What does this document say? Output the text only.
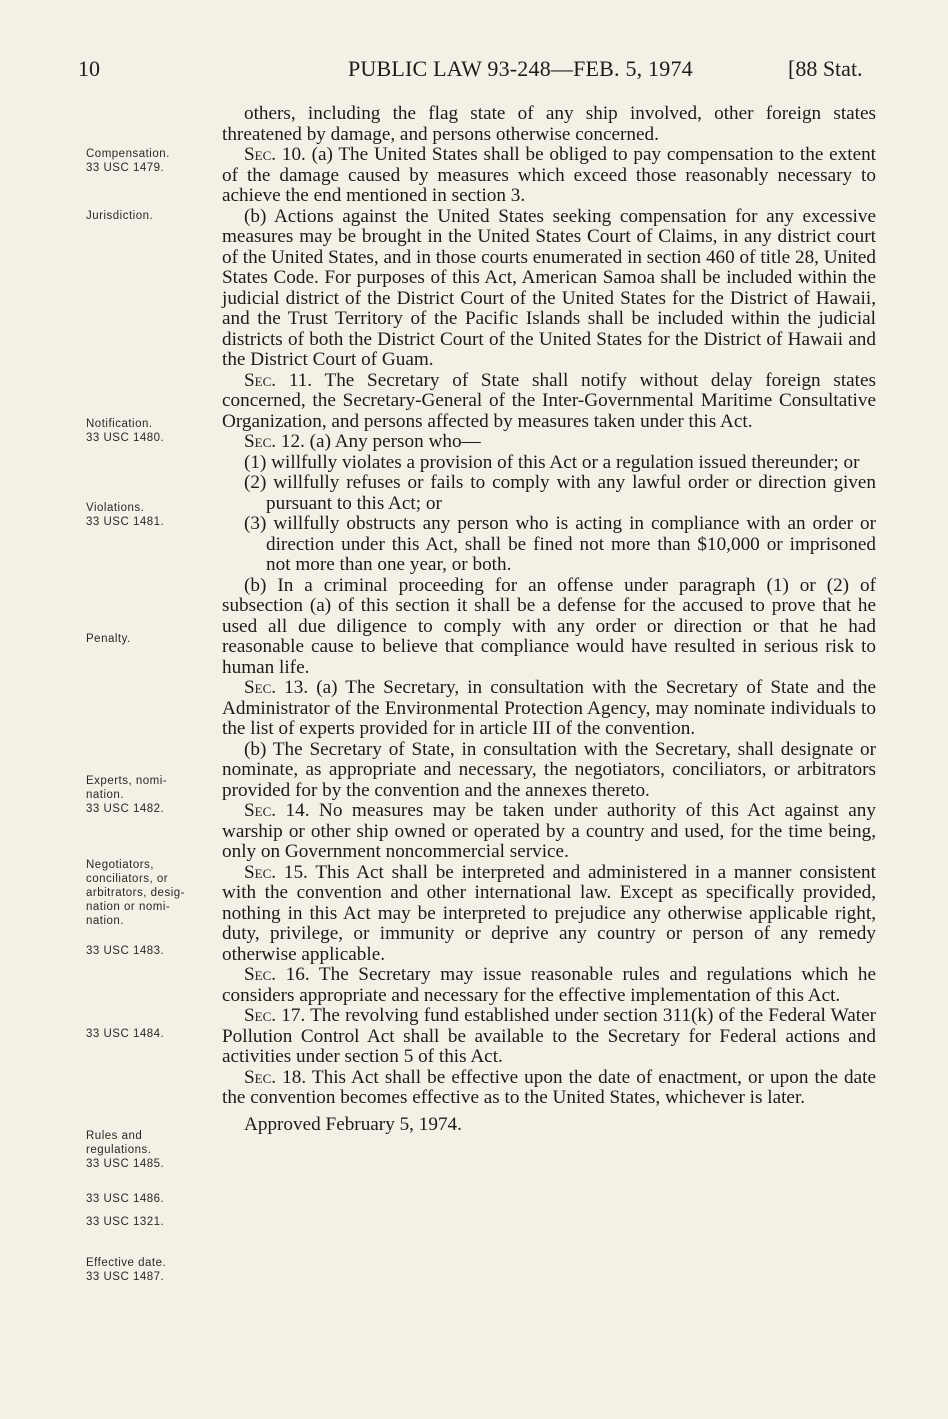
10	PUBLIC LAW 93-248—FEB. 5, 1974	[88 Stat.
Compensation.
33 USC 1479.
Jurisdiction.
Notification.
33 USC 1480.
Violations.
33 USC 1481.
Penalty.
Experts, nomi-
nation.
33 USC 1482.
Negotiators,
conciliators, or
arbitrators, desig-
nation or nomi-
nation.
33 USC 1483.
33 USC 1484.
Rules and
regulations.
33 USC 1485.
33 USC 1486.
33 USC 1321.
Effective date.
33 USC 1487.

others, including the flag state of any ship involved, other foreign states threatened by damage, and persons otherwise concerned.

Sec. 10. (a) The United States shall be obliged to pay compensation to the extent of the damage caused by measures which exceed those reasonably necessary to achieve the end mentioned in section 3.

(b) Actions against the United States seeking compensation for any excessive measures may be brought in the United States Court of Claims, in any district court of the United States, and in those courts enumerated in section 460 of title 28, United States Code. For purposes of this Act, American Samoa shall be included within the judicial district of the District Court of the United States for the District of Hawaii, and the Trust Territory of the Pacific Islands shall be included within the judicial districts of both the District Court of the United States for the District of Hawaii and the District Court of Guam.

Sec. 11. The Secretary of State shall notify without delay foreign states concerned, the Secretary-General of the Inter-Governmental Maritime Consultative Organization, and persons affected by measures taken under this Act.

Sec. 12. (a) Any person who—

(1) willfully violates a provision of this Act or a regulation issued thereunder; or

(2) willfully refuses or fails to comply with any lawful order or direction given pursuant to this Act; or

(3) willfully obstructs any person who is acting in compliance with an order or direction under this Act, shall be fined not more than $10,000 or imprisoned not more than one year, or both.

(b) In a criminal proceeding for an offense under paragraph (1) or (2) of subsection (a) of this section it shall be a defense for the accused to prove that he used all due diligence to comply with any order or direction or that he had reasonable cause to believe that compliance would have resulted in serious risk to human life.

Sec. 13. (a) The Secretary, in consultation with the Secretary of State and the Administrator of the Environmental Protection Agency, may nominate individuals to the list of experts provided for in article III of the convention.

(b) The Secretary of State, in consultation with the Secretary, shall designate or nominate, as appropriate and necessary, the negotiators, conciliators, or arbitrators provided for by the convention and the annexes thereto.

Sec. 14. No measures may be taken under authority of this Act against any warship or other ship owned or operated by a country and used, for the time being, only on Government noncommercial service.

Sec. 15. This Act shall be interpreted and administered in a manner consistent with the convention and other international law. Except as specifically provided, nothing in this Act may be interpreted to prejudice any otherwise applicable right, duty, privilege, or immunity or deprive any country or person of any remedy otherwise applicable.

Sec. 16. The Secretary may issue reasonable rules and regulations which he considers appropriate and necessary for the effective implementation of this Act.

Sec. 17. The revolving fund established under section 311(k) of the Federal Water Pollution Control Act shall be available to the Secretary for Federal actions and activities under section 5 of this Act.

Sec. 18. This Act shall be effective upon the date of enactment, or upon the date the convention becomes effective as to the United States, whichever is later.

Approved February 5, 1974.
